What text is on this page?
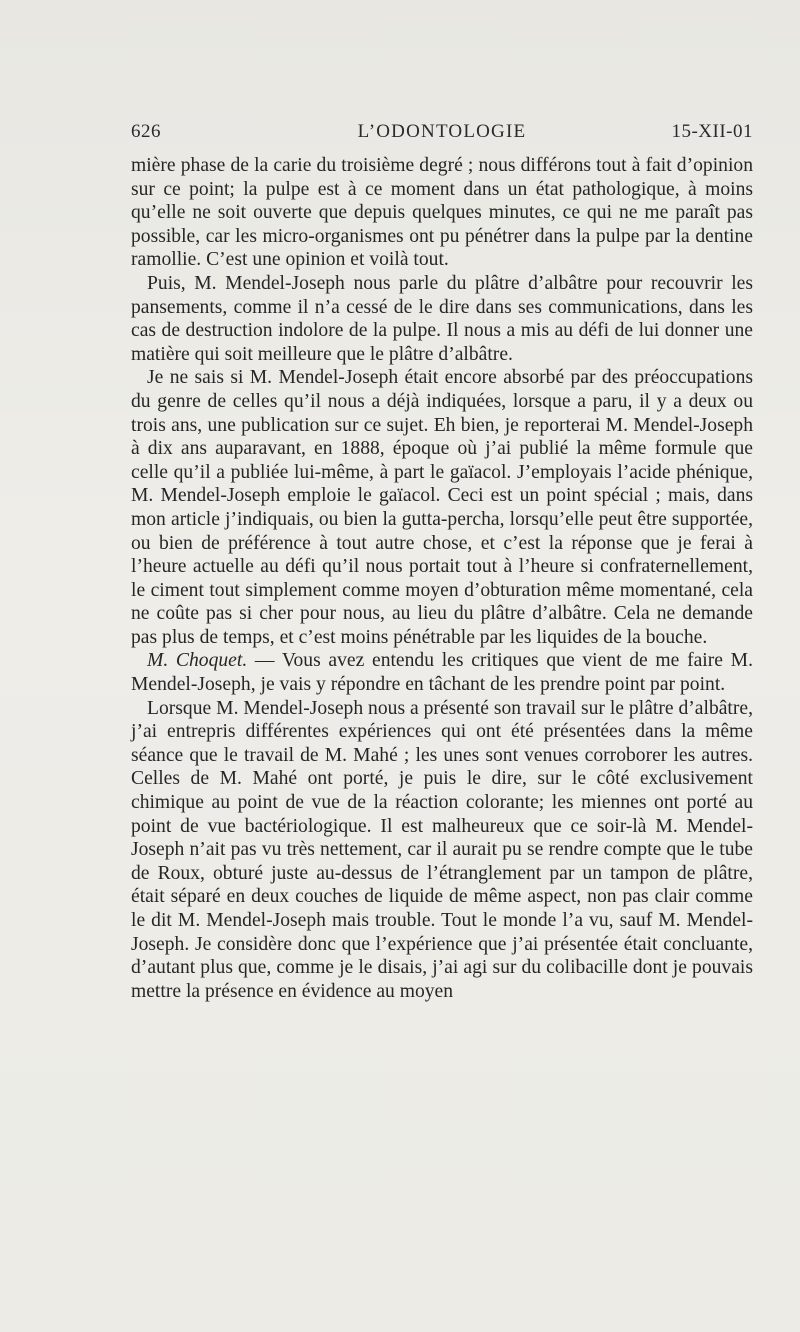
626	L’ODONTOLOGIE	15-XII-01

mière phase de la carie du troisième degré ; nous différons tout à fait d’opinion sur ce point; la pulpe est à ce moment dans un état pathologique, à moins qu’elle ne soit ouverte que depuis quelques minutes, ce qui ne me paraît pas possible, car les micro-organismes ont pu pénétrer dans la pulpe par la dentine ramollie. C’est une opinion et voilà tout.

Puis, M. Mendel-Joseph nous parle du plâtre d’albâtre pour recouvrir les pansements, comme il n’a cessé de le dire dans ses communications, dans les cas de destruction indolore de la pulpe. Il nous a mis au défi de lui donner une matière qui soit meilleure que le plâtre d’albâtre.

Je ne sais si M. Mendel-Joseph était encore absorbé par des préoccupations du genre de celles qu’il nous a déjà indiquées, lorsque a paru, il y a deux ou trois ans, une publication sur ce sujet. Eh bien, je reporterai M. Mendel-Joseph à dix ans auparavant, en 1888, époque où j’ai publié la même formule que celle qu’il a publiée lui-même, à part le gaïacol. J’employais l’acide phénique, M. Mendel-Joseph emploie le gaïacol. Ceci est un point spécial ; mais, dans mon article j’indiquais, ou bien la gutta-percha, lorsqu’elle peut être supportée, ou bien de préférence à tout autre chose, et c’est la réponse que je ferai à l’heure actuelle au défi qu’il nous portait tout à l’heure si confraternellement, le ciment tout simplement comme moyen d’obturation même momentané, cela ne coûte pas si cher pour nous, au lieu du plâtre d’albâtre. Cela ne demande pas plus de temps, et c’est moins pénétrable par les liquides de la bouche.

M. Choquet. — Vous avez entendu les critiques que vient de me faire M. Mendel-Joseph, je vais y répondre en tâchant de les prendre point par point.

Lorsque M. Mendel-Joseph nous a présenté son travail sur le plâtre d’albâtre, j’ai entrepris différentes expériences qui ont été présentées dans la même séance que le travail de M. Mahé ; les unes sont venues corroborer les autres. Celles de M. Mahé ont porté, je puis le dire, sur le côté exclusivement chimique au point de vue de la réaction colorante; les miennes ont porté au point de vue bactériologique. Il est malheureux que ce soir-là M. Mendel-Joseph n’ait pas vu très nettement, car il aurait pu se rendre compte que le tube de Roux, obturé juste au-dessus de l’étranglement par un tampon de plâtre, était séparé en deux couches de liquide de même aspect, non pas clair comme le dit M. Mendel-Joseph mais trouble. Tout le monde l’a vu, sauf M. Mendel-Joseph. Je considère donc que l’expérience que j’ai présentée était concluante, d’autant plus que, comme je le disais, j’ai agi sur du colibacille dont je pouvais mettre la présence en évidence au moyen
